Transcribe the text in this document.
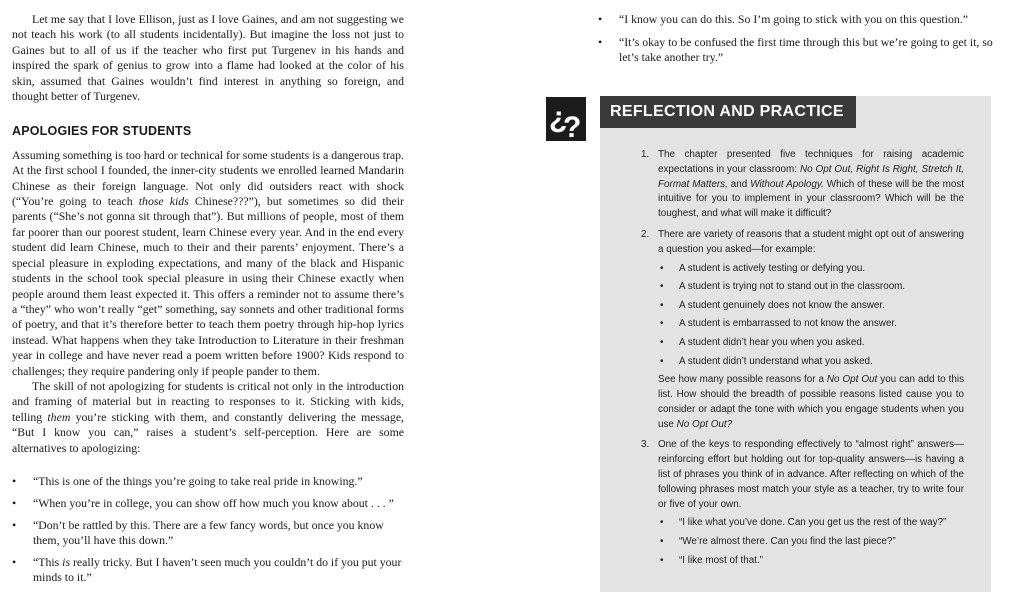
Let me say that I love Ellison, just as I love Gaines, and am not suggesting we not teach his work (to all students incidentally). But imagine the loss not just to Gaines but to all of us if the teacher who first put Turgenev in his hands and inspired the spark of genius to grow into a flame had looked at the color of his skin, assumed that Gaines wouldn’t find interest in anything so foreign, and thought better of Turgenev.

APOLOGIES FOR STUDENTS

Assuming something is too hard or technical for some students is a dangerous trap. At the first school I founded, the inner-city students we enrolled learned Mandarin Chinese as their foreign language. Not only did outsiders react with shock (“You’re going to teach those kids Chinese???”), but sometimes so did their parents (“She’s not gonna sit through that”). But millions of people, most of them far poorer than our poorest student, learn Chinese every year. And in the end every student did learn Chinese, much to their and their parents’ enjoyment. There’s a special pleasure in exploding expectations, and many of the black and Hispanic students in the school took special pleasure in using their Chinese exactly when people around them least expected it. This offers a reminder not to assume there’s a “they” who won’t really “get” something, say sonnets and other traditional forms of poetry, and that it’s therefore better to teach them poetry through hip-hop lyrics instead. What happens when they take Introduction to Literature in their freshman year in college and have never read a poem written before 1900? Kids respond to challenges; they require pandering only if people pander to them.

The skill of not apologizing for students is critical not only in the introduction and framing of material but in reacting to responses to it. Sticking with kids, telling them you’re sticking with them, and constantly delivering the message, “But I know you can,” raises a student’s self-perception. Here are some alternatives to apologizing:

• “This is one of the things you’re going to take real pride in knowing.”
• “When you’re in college, you can show off how much you know about . . . ”
• “Don’t be rattled by this. There are a few fancy words, but once you know them, you’ll have this down.”
• “This is really tricky. But I haven’t seen much you couldn’t do if you put your minds to it.”
• “I know you can do this. So I’m going to stick with you on this question.”
• “It’s okay to be confused the first time through this but we’re going to get it, so let’s take another try.”
¿
?	REFLECTION AND PRACTICE
1. The chapter presented five techniques for raising academic expectations in your classroom: No Opt Out, Right Is Right, Stretch It, Format Matters, and Without Apology. Which of these will be the most intuitive for you to implement in your classroom? Which will be the toughest, and what will make it difficult?
2. There are variety of reasons that a student might opt out of answering a question you asked—for example:
• A student is actively testing or defying you.
• A student is trying not to stand out in the classroom.
• A student genuinely does not know the answer.
• A student is embarrassed to not know the answer.
• A student didn’t hear you when you asked.
• A student didn’t understand what you asked.
See how many possible reasons for a No Opt Out you can add to this list. How should the breadth of possible reasons listed cause you to consider or adapt the tone with which you engage students when you use No Opt Out?
3. One of the keys to responding effectively to “almost right” answers—reinforcing effort but holding out for top-quality answers—is having a list of phrases you think of in advance. After reflecting on which of the following phrases most match your style as a teacher, try to write four or five of your own.
• “I like what you’ve done. Can you get us the rest of the way?”
• “We’re almost there. Can you find the last piece?”
• “I like most of that.”
